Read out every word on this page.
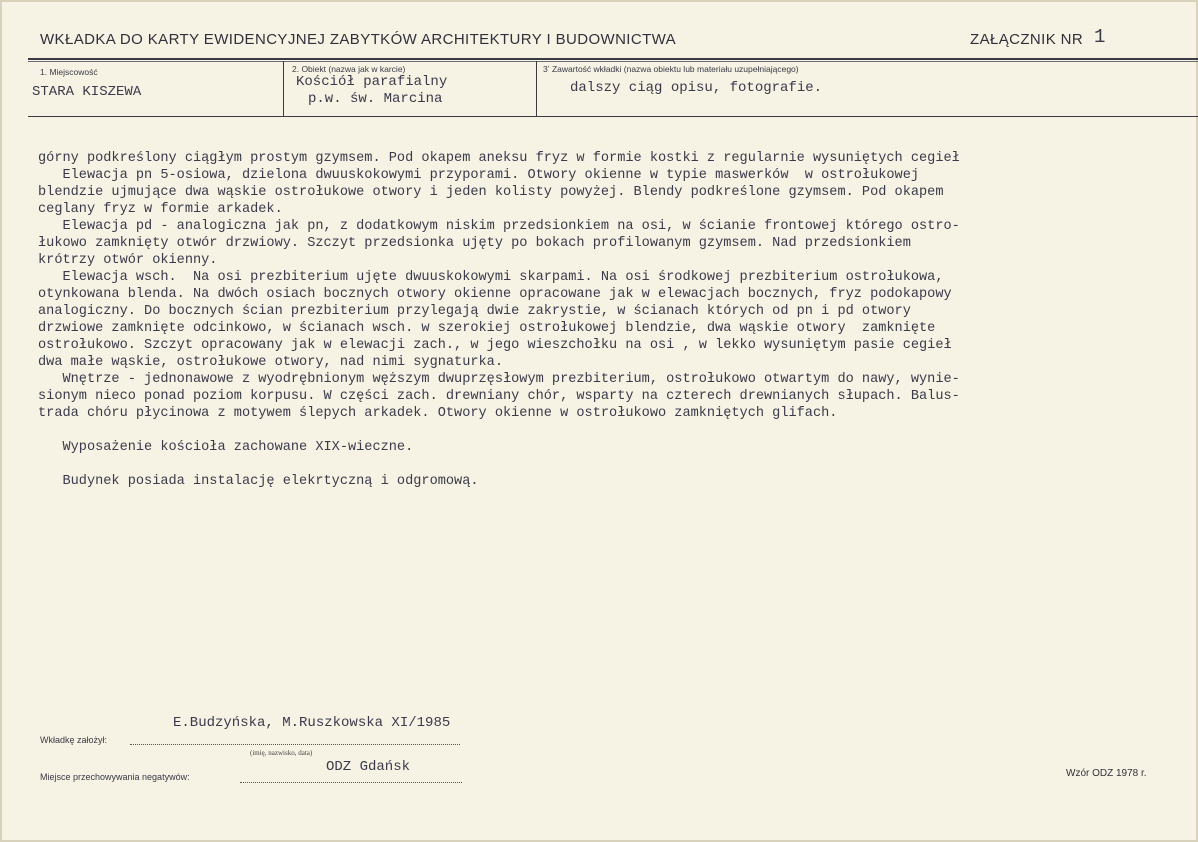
WKŁADKA DO KARTY EWIDENCYJNEJ ZABYTKÓW ARCHITEKTURY I BUDOWNICTWA	ZAŁĄCZNIK NR 1
1. Miejscowość
STARA KISZEWA
2. Obiekt (nazwa jak w karcie)
Kościół parafialny
p.w. św. Marcina
3ʼ Zawartość wkładki (nazwa obiektu lub materiału uzupełniającego)
dalszy ciąg opisu, fotografie.

górny podkreślony ciągłym prostym gzymsem. Pod okapem aneksu fryz w formie kostki z regularnie wysuniętych cegieł

Elewacja pn 5-osiowa, dzielona dwuuskokowymi przyporami. Otwory okienne w typie maswerków  w ostrołukowej

blendzie ujmujące dwa wąskie ostrołukowe otwory i jeden kolisty powyżej. Blendy podkreślone gzymsem. Pod okapem

ceglany fryz w formie arkadek.

Elewacja pd - analogiczna jak pn, z dodatkowym niskim przedsionkiem na osi, w ścianie frontowej którego ostro-

łukowo zamknięty otwór drzwiowy. Szczyt przedsionka ujęty po bokach profilowanym gzymsem. Nad przedsionkiem

krótrzy otwór okienny.

Elewacja wsch.  Na osi prezbiterium ujęte dwuuskokowymi skarpami. Na osi środkowej prezbiterium ostrołukowa,

otynkowana blenda. Na dwóch osiach bocznych otwory okienne opracowane jak w elewacjach bocznych, fryz podokapowy

analogiczny. Do bocznych ścian prezbiterium przylegają dwie zakrystie, w ścianach których od pn i pd otwory

drzwiowe zamknięte odcinkowo, w ścianach wsch. w szerokiej ostrołukowej blendzie, dwa wąskie otwory  zamknięte

ostrołukowo. Szczyt opracowany jak w elewacji zach., w jego wieszchołku na osi , w lekko wysuniętym pasie cegieł

dwa małe wąskie, ostrołukowe otwory, nad nimi sygnaturka.

Wnętrze - jednonawowe z wyodrębnionym węższym dwuprzęsłowym prezbiterium, ostrołukowo otwartym do nawy, wynie-

sionym nieco ponad poziom korpusu. W części zach. drewniany chór, wsparty na czterech drewnianych słupach. Balus-

trada chóru płycinowa z motywem ślepych arkadek. Otwory okienne w ostrołukowo zamkniętych glifach.

Wyposażenie kościoła zachowane XIX-wieczne.

Budynek posiada instalację elekrtyczną i odgromową.

Wkładkę założył:
E.Budzyńska, M.Ruszkowska XI/1985
(imię, nazwisko, data)
Miejsce przechowywania negatywów:
ODZ Gdańsk	Wzór ODZ 1978 r.
